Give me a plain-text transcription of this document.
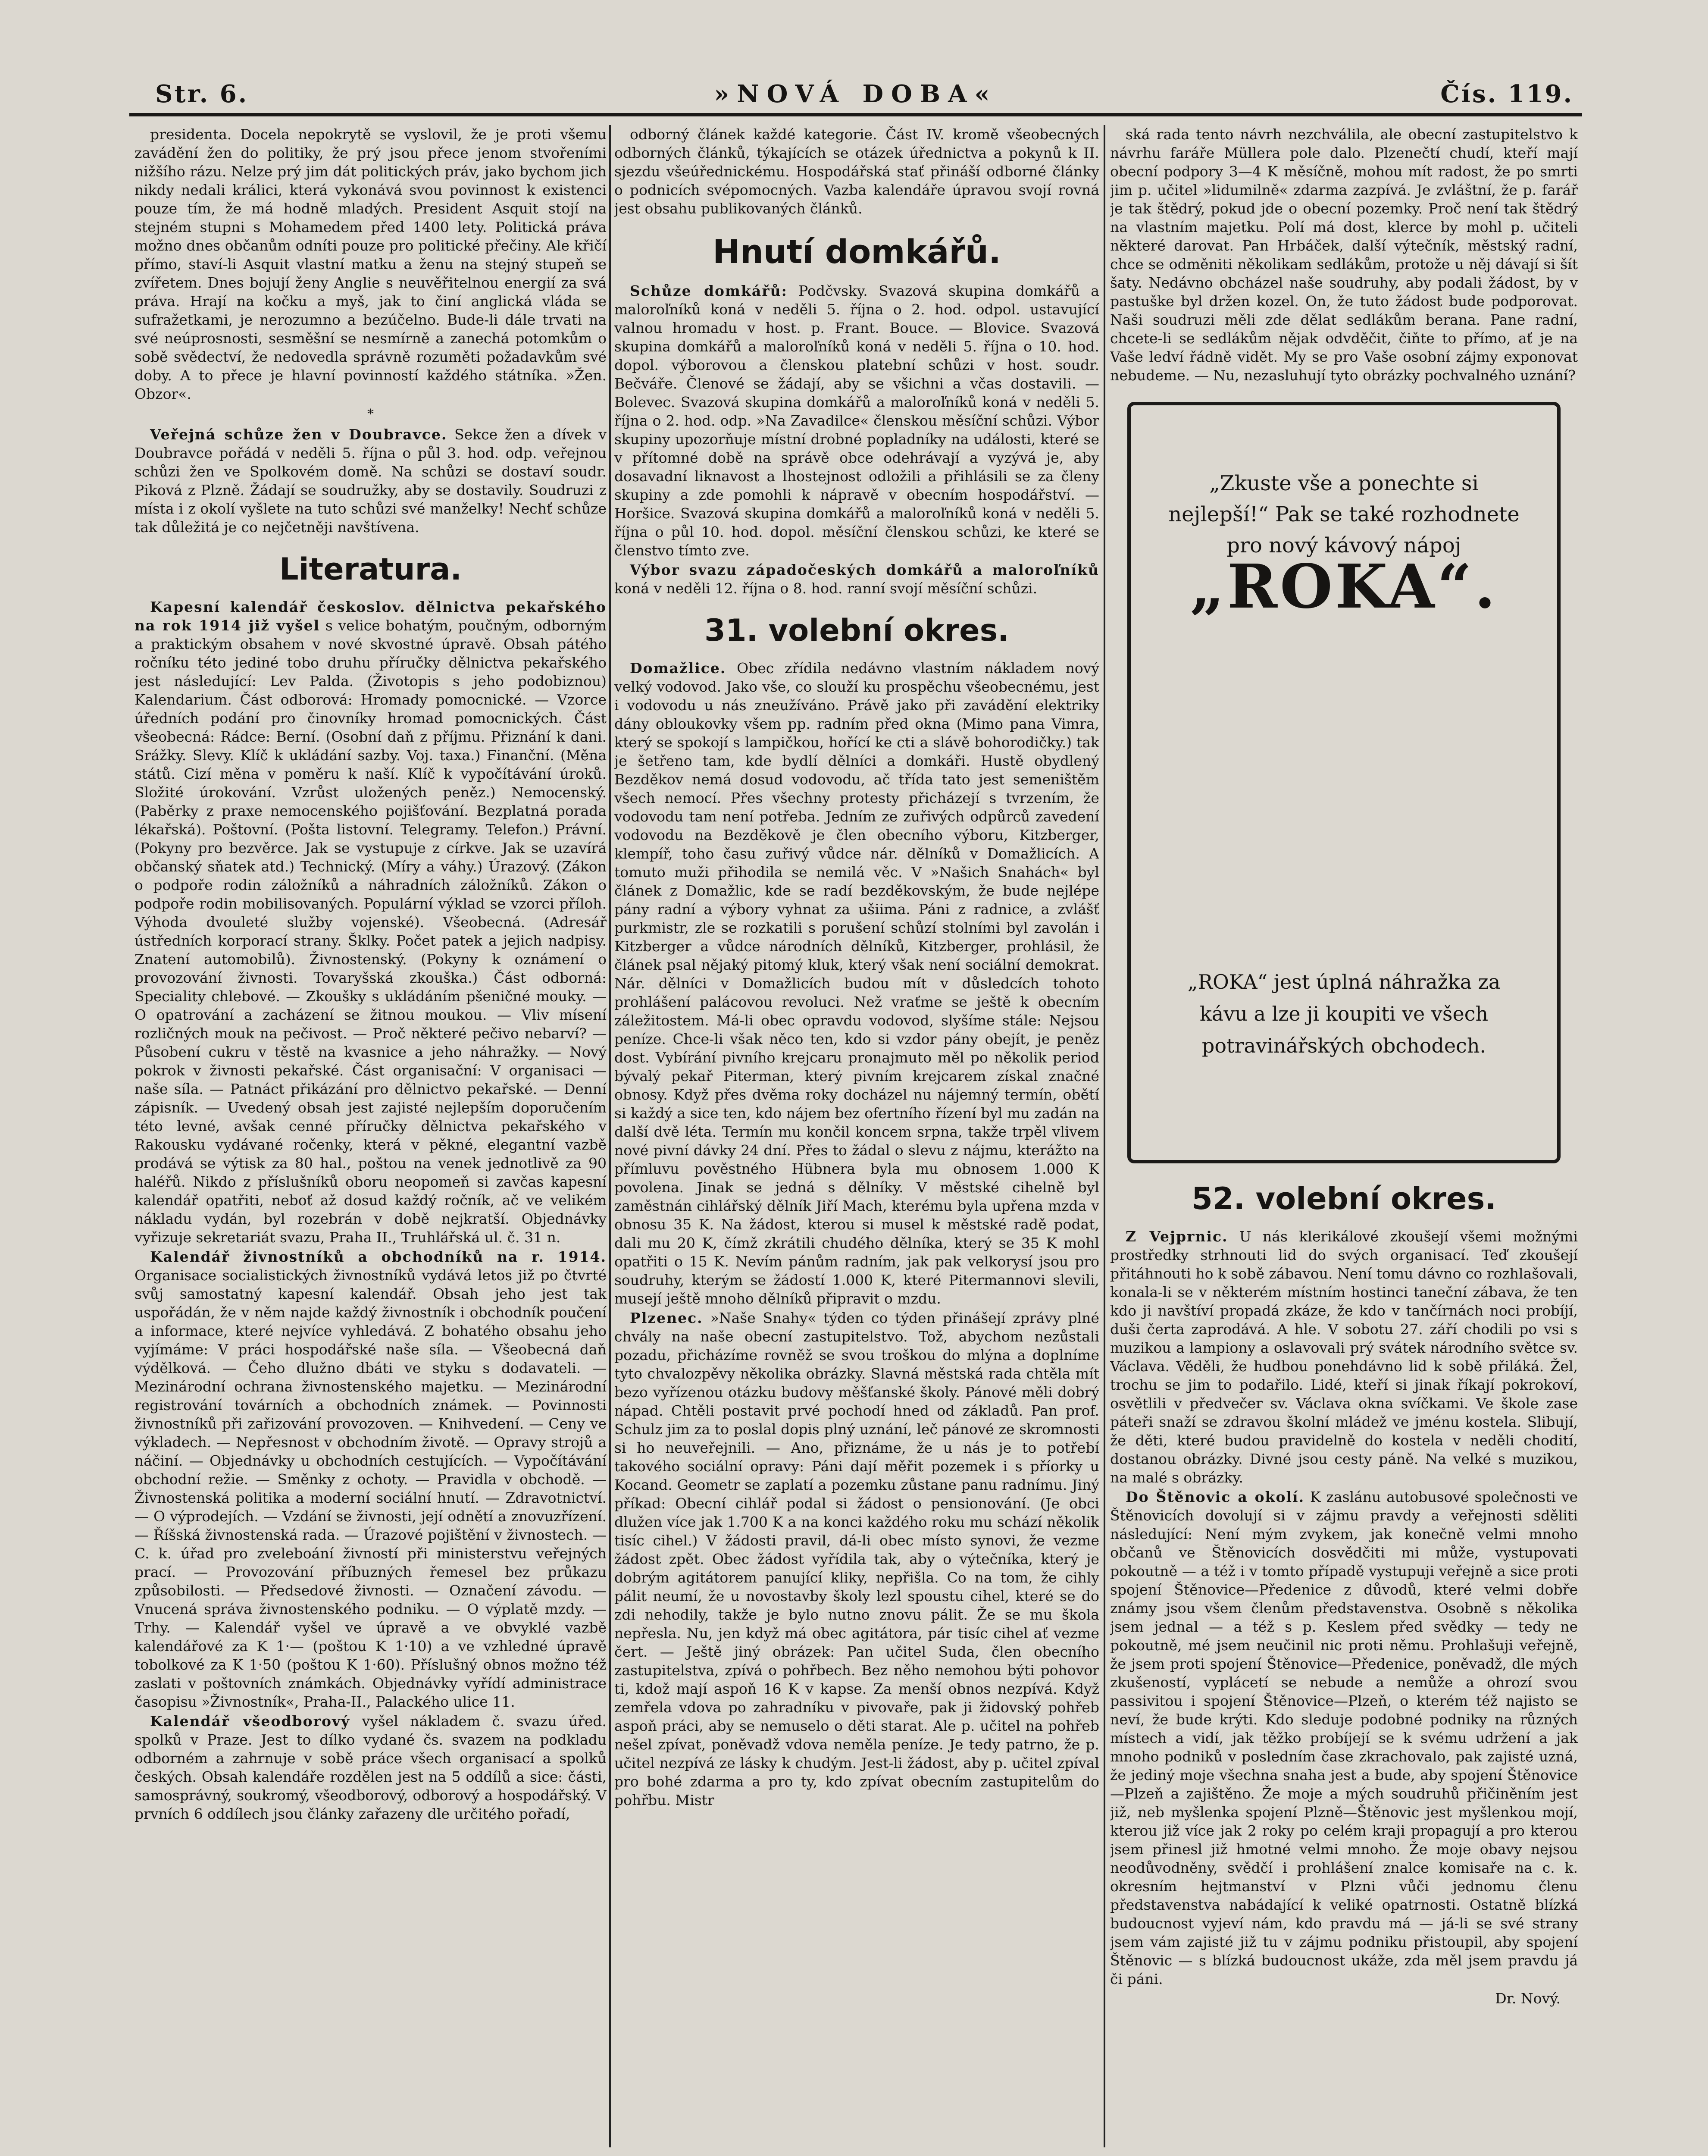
Str. 6.	»NOVÁ DOBA«	Čís. 119.

presidenta. Docela nepokrytě se vyslovil, že je proti všemu zavádění žen do politiky, že prý jsou přece jenom stvořeními nižšího rázu. Nelze prý jim dát politických práv, jako bychom jich nikdy nedali králici, která vykonává svou povinnost k existenci pouze tím, že má hodně mladých. President Asquit stojí na stejném stupni s Mohamedem před 1400 lety. Politická práva možno dnes občanům odníti pouze pro politické přečiny. Ale křičí přímo, staví-li Asquit vlastní matku a ženu na stejný stupeň se zvířetem. Dnes bojují ženy Anglie s neuvěřitelnou energií za svá práva. Hrají na kočku a myš, jak to činí anglická vláda se sufražetkami, je nerozumno a bezúčelno. Bude-li dále trvati na své neúprosnosti, sesměšní se nesmírně a zanechá potomkům o sobě svědectví, že nedovedla správně rozuměti požadavkům své doby. A to přece je hlavní povinností každého státníka. »Žen. Obzor«.

*

Veřejná schůze žen v Doubravce. Sekce žen a dívek v Doubravce pořádá v neděli 5. října o půl 3. hod. odp. veřejnou schůzi žen ve Spolkovém domě. Na schůzi se dostaví soudr. Piková z Plzně. Žádají se soudružky, aby se dostavily. Soudruzi z místa i z okolí vyšlete na tuto schůzi své manželky! Nechť schůze tak důležitá je co nejčetněji navštívena.

Literatura.

Kapesní kalendář českoslov. dělnictva pekařského na rok 1914 již vyšel s velice bohatým, poučným, odborným a praktickým obsahem v nové skvostné úpravě. Obsah pátého ročníku této jediné tobo druhu příručky dělnictva pekařského jest následující: Lev Palda. (Životopis s jeho podobiznou) Kalendarium. Část odborová: Hromady pomocnické. — Vzorce úředních podání pro činovníky hromad pomocnických. Část všeobecná: Rádce: Berní. (Osobní daň z příjmu. Přiznání k dani. Srážky. Slevy. Klíč k ukládání sazby. Voj. taxa.) Finanční. (Měna států. Cizí měna v poměru k naší. Klíč k vypočítávání úroků. Složité úrokování. Vzrůst uložených peněz.) Nemocenský. (Paběrky z praxe nemocenského pojišťování. Bezplatná porada lékařská). Poštovní. (Pošta listovní. Telegramy. Telefon.) Právní. (Pokyny pro bezvěrce. Jak se vystupuje z církve. Jak se uzavírá občanský sňatek atd.) Technický. (Míry a váhy.) Úrazový. (Zákon o podpoře rodin záložníků a náhradních záložníků. Zákon o podpoře rodin mobilisovaných. Populární výklad se vzorci příloh. Výhoda dvouleté služby vojenské). Všeobecná. (Adresář ústředních korporací strany. Šklky. Počet patek a jejich nadpisy. Znatení automobilů). Živnostenský. (Pokyny k oznámení o provozování živnosti. Tovaryšská zkouška.) Část odborná: Speciality chlebové. — Zkoušky s ukládáním pšeničné mouky. — O opatrování a zacházení se žitnou moukou. — Vliv mísení rozličných mouk na pečivost. — Proč některé pečivo nebarví? — Působení cukru v těstě na kvasnice a jeho náhražky. — Nový pokrok v živnosti pekařské. Část organisační: V organisaci — naše síla. — Patnáct přikázání pro dělnictvo pekařské. — Denní zápisník. — Uvedený obsah jest zajisté nejlepším doporučením této levné, avšak cenné příručky dělnictva pekařského v Rakousku vydávané ročenky, která v pěkné, elegantní vazbě prodává se výtisk za 80 hal., poštou na venek jednotlivě za 90 haléřů. Nikdo z příslušníků oboru neopomeň si zavčas kapesní kalendář opatřiti, neboť až dosud každý ročník, ač ve velikém nákladu vydán, byl rozebrán v době nejkratší. Objednávky vyřizuje sekretariát svazu, Praha II., Truhlářská ul. č. 31 n.

Kalendář živnostníků a obchodníků na r. 1914. Organisace socialistických živnostníků vydává letos již po čtvrté svůj samostatný kapesní kalendář. Obsah jeho jest tak uspořádán, že v něm najde každý živnostník i obchodník poučení a informace, které nejvíce vyhledává. Z bohatého obsahu jeho vyjímáme: V práci hospodářské naše síla. — Všeobecná daň výdělková. — Čeho dlužno dbáti ve styku s dodavateli. — Mezinárodní ochrana živnostenského majetku. — Mezinárodní registrování továrních a obchodních známek. — Povinnosti živnostníků při zařizování provozoven. — Knihvedení. — Ceny ve výkladech. — Nepřesnost v obchodním životě. — Opravy strojů a náčiní. — Objednávky u obchodních cestujících. — Vypočítávání obchodní režie. — Směnky z ochoty. — Pravidla v obchodě. — Živnostenská politika a moderní sociální hnutí. — Zdravotnictví. — O výprodejích. — Vzdání se živnosti, její odnětí a znovuzřízení. — Říšská živnostenská rada. — Úrazové pojištění v živnostech. — C. k. úřad pro zveleboání živností při ministerstvu veřejných prací. — Provozování příbuzných řemesel bez průkazu způsobilosti. — Předsedové živnosti. — Označení závodu. — Vnucená správa živnostenského podniku. — O výplatě mzdy. — Trhy. — Kalendář vyšel ve úpravě a ve obvyklé vazbě kalendářové za K 1·— (poštou K 1·10) a ve vzhledné úpravě tobolkové za K 1·50 (poštou K 1·60). Příslušný obnos možno též zaslati v poštovních známkách. Objednávky vyřídí administrace časopisu »Živnostník«, Praha-II., Palackého ulice 11.

Kalendář všeodborový vyšel nákladem č. svazu úřed. spolků v Praze. Jest to dílko vydané čs. svazem na podkladu odborném a zahrnuje v sobě práce všech organisací a spolků českých. Obsah kalendáře rozdělen jest na 5 oddílů a sice: části, samosprávný, soukromý, všeodborový, odborový a hospodářský. V prvních 6 oddílech jsou články zařazeny dle určitého pořadí,

odborný článek každé kategorie. Část IV. kromě všeobecných odborných článků, týkajících se otázek úřednictva a pokynů k II. sjezdu všeúřednickému. Hospodářská stať přináší odborné články o podnicích svépomocných. Vazba kalendáře úpravou svojí rovná jest obsahu publikovaných článků.

Hnutí domkářů.

Schůze domkářů: Podčvsky. Svazová skupina domkářů a maloroľníků koná v neděli 5. října o 2. hod. odpol. ustavující valnou hromadu v host. p. Frant. Bouce. — Blovice. Svazová skupina domkářů a maloroľníků koná v neděli 5. října o 10. hod. dopol. výborovou a členskou platební schůzi v host. soudr. Bečváře. Členové se žádají, aby se všichni a včas dostavili. — Bolevec. Svazová skupina domkářů a maloroľníků koná v neděli 5. října o 2. hod. odp. »Na Zavadilce« členskou měsíční schůzi. Výbor skupiny upozorňuje místní drobné popladníky na události, které se v přítomné době na správě obce odehrávají a vyzývá je, aby dosavadní liknavost a lhostejnost odložili a přihlásili se za členy skupiny a zde pomohli k nápravě v obecním hospodářství. — Horšice. Svazová skupina domkářů a maloroľníků koná v neděli 5. října o půl 10. hod. dopol. měsíční členskou schůzi, ke které se členstvo tímto zve.

Výbor svazu západočeských domkářů a maloroľníků koná v neděli 12. října o 8. hod. ranní svojí měsíční schůzi.

31. volební okres.

Domažlice. Obec zřídila nedávno vlastním nákladem nový velký vodovod. Jako vše, co slouží ku prospěchu všeobecnému, jest i vodovodu u nás zneužíváno. Právě jako při zavádění elektriky dány obloukovky všem pp. radním před okna (Mimo pana Vimra, který se spokojí s lampičkou, hořící ke cti a slávě bohorodičky.) tak je šetřeno tam, kde bydlí dělníci a domkáři. Hustě obydlený Bezděkov nemá dosud vodovodu, ač třída tato jest semeništěm všech nemocí. Přes všechny protesty přicházejí s tvrzením, že vodovodu tam není potřeba. Jedním ze zuřivých odpůrců zavedení vodovodu na Bezděkově je člen obecního výboru, Kitzberger, klempíř, toho času zuřivý vůdce nár. dělníků v Domažlicích. A tomuto muži přihodila se nemilá věc. V »Našich Snahách« byl článek z Domažlic, kde se radí bezděkovským, že bude nejlépe pány radní a výbory vyhnat za ušiima. Páni z radnice, a zvlášť purkmistr, zle se rozkatili s porušení schůzí stolními byl zavolán i Kitzberger a vůdce národních dělníků, Kitzberger, prohlásil, že článek psal nějaký pitomý kluk, který však není sociální demokrat. Nár. dělníci v Domažlicích budou mít v důsledcích tohoto prohlášení palácovou revoluci. Než vraťme se ještě k obecním záležitostem. Má-li obec opravdu vodovod, slyšíme stále: Nejsou peníze. Chce-li však něco ten, kdo si vzdor pány obejít, je peněz dost. Vybírání pivního krejcaru pronajmuto měl po několik period bývalý pekař Piterman, který pivním krejcarem získal značné obnosy. Když přes dvěma roky docházel nu nájemný termín, obětí si každý a sice ten, kdo nájem bez ofertního řízení byl mu zadán na další dvě léta. Termín mu končil koncem srpna, takže trpěl vlivem nové pivní dávky 24 dní. Přes to žádal o slevu z nájmu, kterážto na přímluvu pověstného Hübnera byla mu obnosem 1.000 K povolena. Jinak se jedná s dělníky. V městské cihelně byl zaměstnán cihlářský dělník Jiří Mach, kterému byla upřena mzda v obnosu 35 K. Na žádost, kterou si musel k městské radě podat, dali mu 20 K, čímž zkrátili chudého dělníka, který se 35 K mohl opatřiti o 15 K. Nevím pánům radním, jak pak velkorysí jsou pro soudruhy, kterým se žádostí 1.000 K, které Pitermannovi slevili, musejí ještě mnoho dělníků připravit o mzdu.

Plzenec. »Naše Snahy« týden co týden přinášejí zprávy plné chvály na naše obecní zastupitelstvo. Tož, abychom nezůstali pozadu, přicházíme rovněž se svou troškou do mlýna a doplníme tyto chvalozpěvy několika obrázky. Slavná městská rada chtěla mít bezo vyřízenou otázku budovy měšťanské školy. Pánové měli dobrý nápad. Chtěli postavit prvé pochodí hned od základů. Pan prof. Schulz jim za to poslal dopis plný uznání, leč pánové ze skromnosti si ho neuveřejnili. — Ano, přiznáme, že u nás je to potřebí takového sociální opravy: Páni dají měřit pozemek i s příorky u Kocand. Geometr se zaplatí a pozemku zůstane panu radnímu. Jiný příkad: Obecní cihlář podal si žádost o pensionování. (Je obci dlužen více jak 1.700 K a na konci každého roku mu schází několik tisíc cihel.) V žádosti pravil, dá-li obec místo synovi, že vezme žádost zpět. Obec žádost vyřídila tak, aby o výtečníka, který je dobrým agitátorem panující kliky, nepřišla. Co na tom, že cihly pálit neumí, že u novostavby školy lezl spoustu cihel, které se do zdi nehodily, takže je bylo nutno znovu pálit. Že se mu škola nepřesla. Nu, jen když má obec agitátora, pár tisíc cihel ať vezme čert. — Ještě jiný obrázek: Pan učitel Suda, člen obecního zastupitelstva, zpívá o pohřbech. Bez něho nemohou býti pohovor ti, kdož mají aspoň 16 K v kapse. Za menší obnos nezpívá. Když zemřela vdova po zahradníku v pivovaře, pak ji židovský pohřeb aspoň práci, aby se nemuselo o děti starat. Ale p. učitel na pohřeb nešel zpívat, poněvadž vdova neměla peníze. Je tedy patrno, že p. učitel nezpívá ze lásky k chudým. Jest-li žádost, aby p. učitel zpíval pro bohé zdarma a pro ty, kdo zpívat obecním zastupitelům do pohřbu. Mistr

ská rada tento návrh nezchválila, ale obecní zastupitelstvo k návrhu faráře Müllera pole dalo. Plzenečtí chudí, kteří mají obecní podpory 3—4 K měsíčně, mohou mít radost, že po smrti jim p. učitel »lidumilně« zdarma zazpívá. Je zvláštní, že p. farář je tak štědrý, pokud jde o obecní pozemky. Proč není tak štědrý na vlastním majetku. Polí má dost, klerce by mohl p. učiteli některé darovat. Pan Hrbáček, další výtečník, městský radní, chce se odměniti několikam sedlákům, protože u něj dávají si šít šaty. Nedávno obcházel naše soudruhy, aby podali žádost, by v pastuške byl držen kozel. On, že tuto žádost bude podporovat. Naši soudruzi měli zde dělat sedlákům berana. Pane radní, chcete-li se sedlákům nějak odvděčit, čiňte to přímo, ať je na Vaše ledví řádně vidět. My se pro Vaše osobní zájmy exponovat nebudeme. — Nu, nezasluhují tyto obrázky pochvalného uznání?

„Zkuste vše a ponechte si nejlepší!“ Pak se také rozhodnete pro nový kávový nápoj
„ROKA“.
„ROKA“ jest úplná náhražka za kávu a lze ji koupiti ve všech potravinářských obchodech.
52. volební okres.

Z Vejprnic. U nás klerikálové zkoušejí všemi možnými prostředky strhnouti lid do svých organisací. Teď zkoušejí přitáhnouti ho k sobě zábavou. Není tomu dávno co rozhlašovali, konala-li se v některém místním hostinci taneční zábava, že ten kdo ji navštíví propadá zkáze, že kdo v tančírnách noci probíjí, duši čerta zaprodává. A hle. V sobotu 27. září chodili po vsi s muzikou a lampiony a oslavovali prý svátek národního světce sv. Václava. Věděli, že hudbou ponehdávno lid k sobě přiláká. Žel, trochu se jim to podařilo. Lidé, kteří si jinak říkají pokrokoví, osvětlili v předvečer sv. Václava okna svíčkami. Ve škole zase páteři snaží se zdravou školní mládež ve jménu kostela. Slibují, že děti, které budou pravidelně do kostela v neděli chodití, dostanou obrázky. Divné jsou cesty páně. Na velké s muzikou, na malé s obrázky.

Do Štěnovic a okolí. K zaslánu autobusové společnosti ve Štěnovicích dovolují si v zájmu pravdy a veřejnosti sděliti následující: Není mým zvykem, jak konečně velmi mnoho občanů ve Štěnovicích dosvědčiti mi může, vystupovati pokoutně — a též i v tomto případě vystupuji veřejně a sice proti spojení Štěnovice—Předenice z důvodů, které velmi dobře známy jsou všem členům představenstva. Osobně s několika jsem jednal — a též s p. Keslem před svědky — tedy ne pokoutně, mé jsem neučinil nic proti němu. Prohlašuji veřejně, že jsem proti spojení Štěnovice—Předenice, poněvadž, dle mých zkušeností, vyplácetí se nebude a nemůže a ohrozí svou passivitou i spojení Štěnovice—Plzeň, o kterém též najisto se neví, že bude krýti. Kdo sleduje podobné podniky na různých místech a vidí, jak těžko probíjejí se k svému udržení a jak mnoho podniků v posledním čase zkrachovalo, pak zajisté uzná, že jediný moje všechna snaha jest a bude, aby spojení Štěnovice—Plzeň a zajištěno. Že moje a mých soudruhů přičiněním jest již, neb myšlenka spojení Plzně—Štěnovic jest myšlenkou mojí, kterou již více jak 2 roky po celém kraji propagují a pro kterou jsem přinesl již hmotné velmi mnoho. Že moje obavy nejsou neodůvodněny, svědčí i prohlášení znalce komisaře na c. k. okresním hejtmanství v Plzni vůči jednomu členu představenstva nabádající k veliké opatrnosti. Ostatně blízká budoucnost vyjeví nám, kdo pravdu má — já-li se své strany jsem vám zajisté již tu v zájmu podniku přistoupil, aby spojení Štěnovic — s blízká budoucnost ukáže, zda měl jsem pravdu já či páni.

Dr. Nový.
